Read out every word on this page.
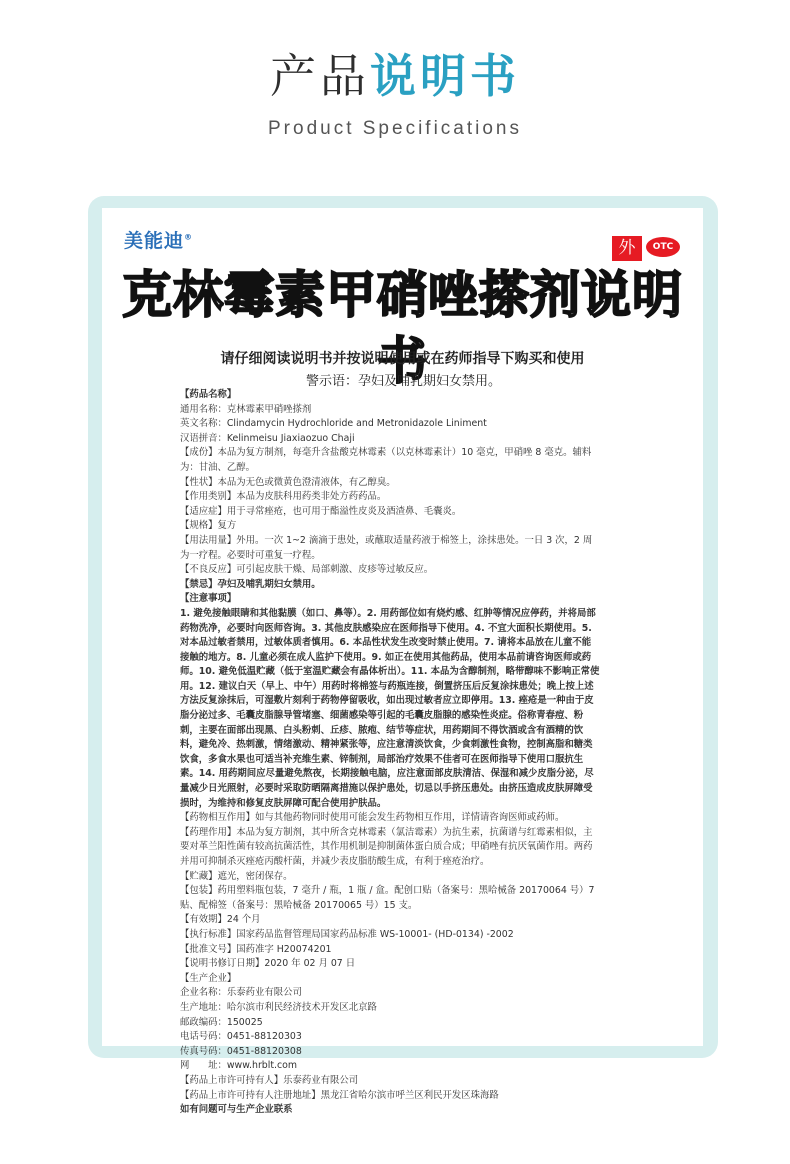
产品说明书
Product Specifications
美能迪®
外	OTC
克林霉素甲硝唑搽剂说明书
请仔细阅读说明书并按说明使用或在药师指导下购买和使用
警示语：孕妇及哺乳期妇女禁用。
【药品名称】
通用名称：克林霉素甲硝唑搽剂
英文名称：Clindamycin Hydrochloride and Metronidazole Liniment
汉语拼音：Kelinmeisu Jiaxiaozuo Chaji
【成份】本品为复方制剂，每毫升含盐酸克林霉素（以克林霉素计）10 毫克，甲硝唑 8 毫克。辅料为：甘油、乙醇。
【性状】本品为无色或微黄色澄清液体，有乙醇臭。
【作用类别】本品为皮肤科用药类非处方药药品。
【适应症】用于寻常痤疮，也可用于酯溢性皮炎及酒渣鼻、毛囊炎。
【规格】复方
【用法用量】外用。一次 1~2 滴滴于患处，或蘸取适量药液于棉签上，涂抹患处。一日 3 次，2 周为一疗程。必要时可重复一疗程。
【不良反应】可引起皮肤干燥、局部刺激、皮疹等过敏反应。
【禁忌】孕妇及哺乳期妇女禁用。
【注意事项】
1. 避免接触眼睛和其他黏膜（如口、鼻等）。2. 用药部位如有烧灼感、红肿等情况应停药，并将局部药物洗净，必要时向医师咨询。3. 其他皮肤感染应在医师指导下使用。4. 不宜大面积长期使用。5. 对本品过敏者禁用，过敏体质者慎用。6. 本品性状发生改变时禁止使用。7. 请将本品放在儿童不能接触的地方。8. 儿童必须在成人监护下使用。9. 如正在使用其他药品，使用本品前请咨询医师或药师。10. 避免低温贮藏（低于室温贮藏会有晶体析出）。11. 本品为含醇制剂，略带醇味不影响正常使用。12. 建议白天（早上、中午）用药时将棉签与药瓶连接，倒置挤压后反复涂抹患处；晚上按上述方法反复涂抹后，可湿敷片刻利于药物停留吸收，如出现过敏者应立即停用。13. 痤疮是一种由于皮脂分泌过多、毛囊皮脂腺导管堵塞、细菌感染等引起的毛囊皮脂腺的感染性炎症。俗称青春痘、粉刺，主要在面部出现黑、白头粉刺、丘疹、脓疱、结节等症状，用药期间不得饮酒或含有酒精的饮料，避免冷、热刺激，情绪激动、精神紧张等，应注意清淡饮食，少食刺激性食物，控制高脂和糖类饮食，多食水果也可适当补充维生素、锌制剂，局部治疗效果不佳者可在医师指导下使用口服抗生素。14. 用药期间应尽量避免熬夜，长期接触电脑，应注意面部皮肤清洁、保湿和减少皮脂分泌，尽量减少日光照射，必要时采取防晒隔离措施以保护患处，切忌以手挤压患处。由挤压造成皮肤屏障受损时，为维持和修复皮肤屏障可配合使用护肤品。
【药物相互作用】如与其他药物同时使用可能会发生药物相互作用，详情请咨询医师或药师。
【药理作用】本品为复方制剂，其中所含克林霉素（氯洁霉素）为抗生素，抗菌谱与红霉素相似，主要对革兰阳性菌有较高抗菌活性，其作用机制是抑制菌体蛋白质合成；甲硝唑有抗厌氧菌作用。两药并用可抑制杀灭痤疮丙酸杆菌，并减少表皮脂肪酸生成，有利于痤疮治疗。
【贮藏】遮光，密闭保存。
【包装】药用塑料瓶包装，7 毫升 / 瓶，1 瓶 / 盒。配创口贴（备案号：黑哈械备 20170064 号）7 贴、配棉签（备案号：黑哈械备 20170065 号）15 支。
【有效期】24 个月
【执行标准】国家药品监督管理局国家药品标准 WS-10001- (HD-0134) -2002
【批准文号】国药准字 H20074201
【说明书修订日期】2020 年 02 月 07 日
【生产企业】
企业名称：乐泰药业有限公司
生产地址：哈尔滨市利民经济技术开发区北京路
邮政编码：150025
电话号码：0451-88120303
传真号码：0451-88120308
网　　址：www.hrblt.com
【药品上市许可持有人】乐泰药业有限公司
【药品上市许可持有人注册地址】黑龙江省哈尔滨市呼兰区利民开发区珠海路
如有问题可与生产企业联系
